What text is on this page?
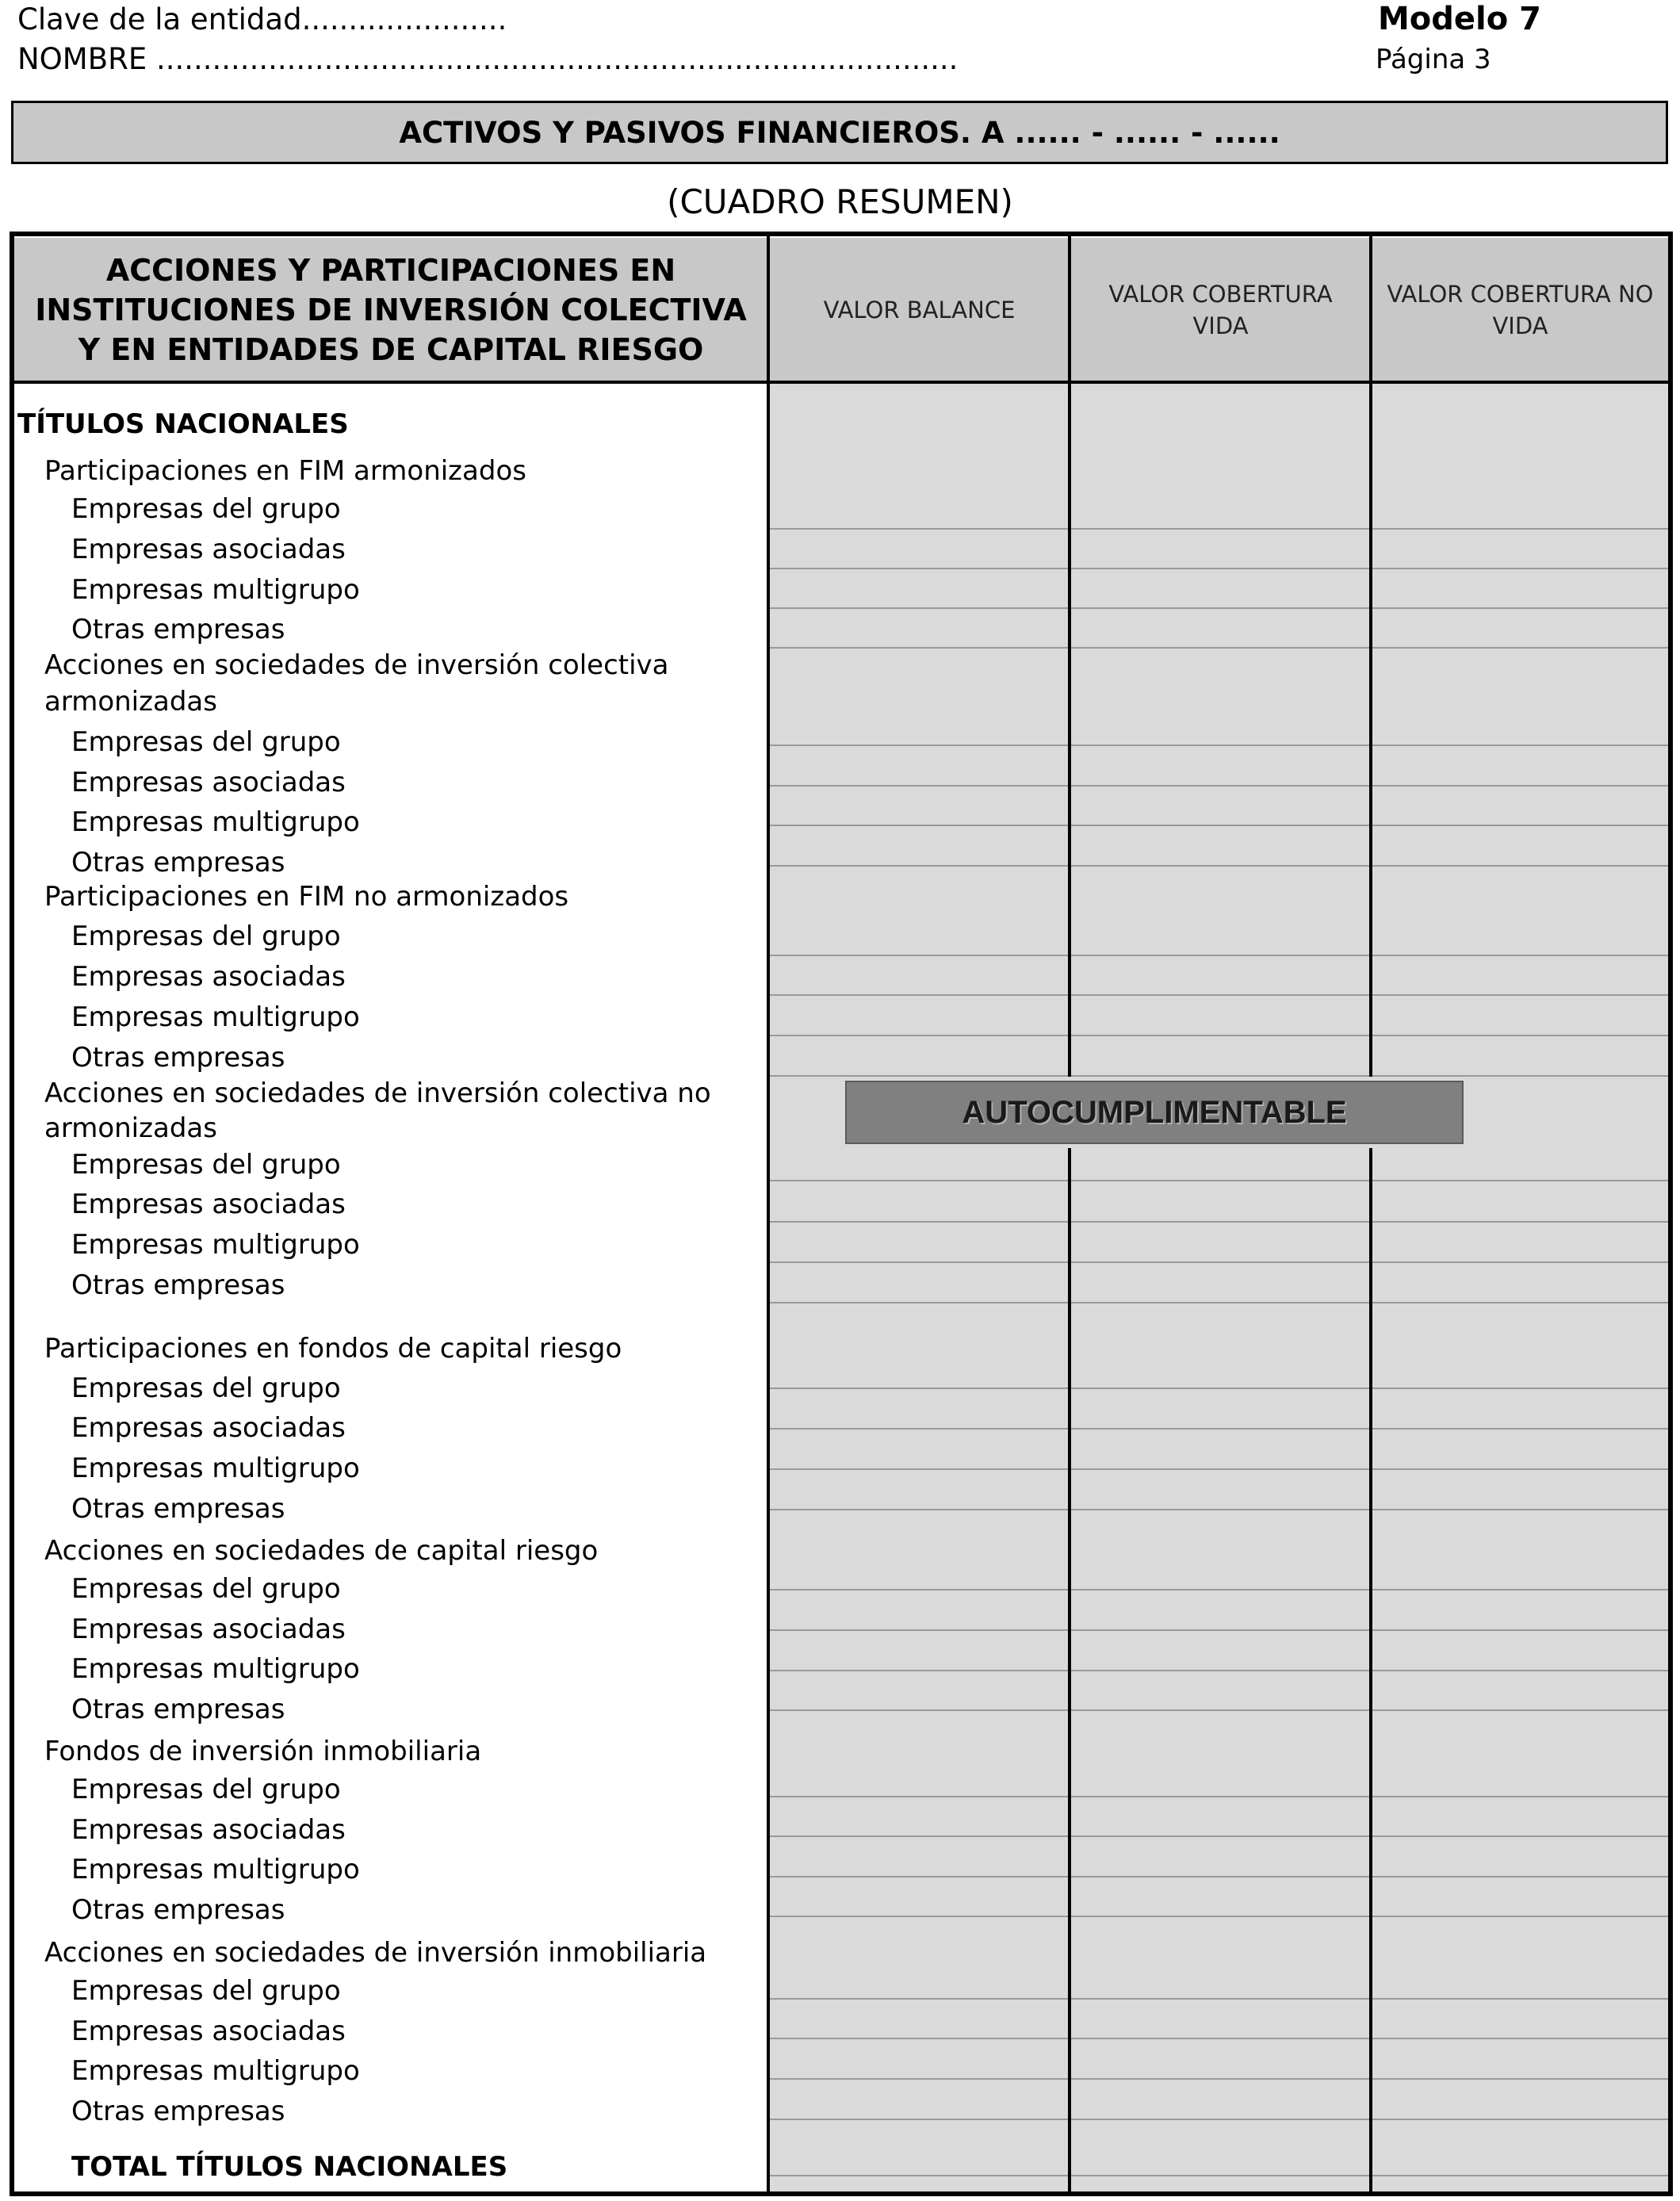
Clave de la entidad......................
NOMBRE ......................................................................................
Modelo 7
Página 3
ACTIVOS Y PASIVOS FINANCIEROS. A ...... - ...... - ......
(CUADRO RESUMEN)
ACCIONES Y PARTICIPACIONES EN
INSTITUCIONES DE INVERSIÓN COLECTIVA
Y EN ENTIDADES DE CAPITAL RIESGO
VALOR BALANCE
VALOR COBERTURA
VIDA
VALOR COBERTURA NO
VIDA
TÍTULOS NACIONALES
Participaciones en FIM armonizados
Empresas del grupo
Empresas asociadas
Empresas multigrupo
Otras empresas
Acciones en sociedades de inversión colectiva
armonizadas
Empresas del grupo
Empresas asociadas
Empresas multigrupo
Otras empresas
Participaciones en FIM no armonizados
Empresas del grupo
Empresas asociadas
Empresas multigrupo
Otras empresas
Acciones en sociedades de inversión colectiva no
armonizadas
Empresas del grupo
Empresas asociadas
Empresas multigrupo
Otras empresas
Participaciones en fondos de capital riesgo
Empresas del grupo
Empresas asociadas
Empresas multigrupo
Otras empresas
Acciones en sociedades de capital riesgo
Empresas del grupo
Empresas asociadas
Empresas multigrupo
Otras empresas
Fondos de inversión inmobiliaria
Empresas del grupo
Empresas asociadas
Empresas multigrupo
Otras empresas
Acciones en sociedades de inversión inmobiliaria
Empresas del grupo
Empresas asociadas
Empresas multigrupo
Otras empresas
TOTAL TÍTULOS NACIONALES
AUTOCUMPLIMENTABLE
